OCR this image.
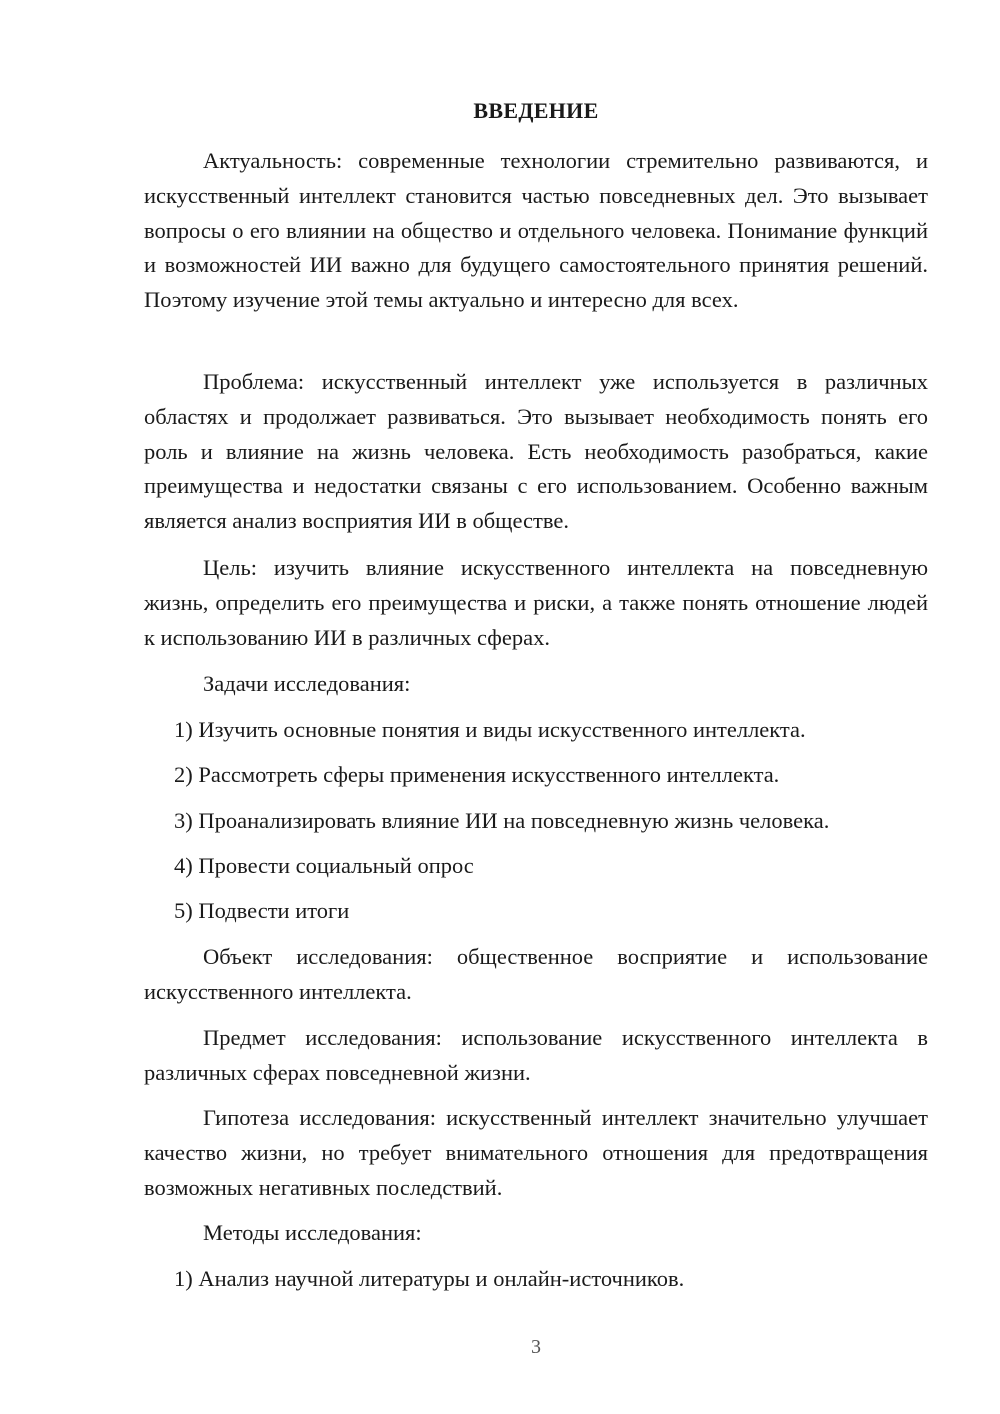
ВВЕДЕНИЕ

Актуальность: современные технологии стремительно развиваются, и искусственный интеллект становится частью повседневных дел. Это вызывает вопросы о его влиянии на общество и отдельного человека. Понимание функций и возможностей ИИ важно для будущего самостоятельного принятия решений. Поэтому изучение этой темы актуально и интересно для всех.

Проблема: искусственный интеллект уже используется в различных областях и продолжает развиваться. Это вызывает необходимость понять его роль и влияние на жизнь человека. Есть необходимость разобраться, какие преимущества и недостатки связаны с его использованием. Особенно важным является анализ восприятия ИИ в обществе.

Цель: изучить влияние искусственного интеллекта на повседневную жизнь, определить его преимущества и риски, а также понять отношение людей к использованию ИИ в различных сферах.

Задачи исследования:

1) Изучить основные понятия и виды искусственного интеллекта.

2) Рассмотреть сферы применения искусственного интеллекта.

3) Проанализировать влияние ИИ на повседневную жизнь человека.

4) Провести социальный опрос

5) Подвести итоги

Объект исследования: общественное восприятие и использование искусственного интеллекта.

Предмет исследования: использование искусственного интеллекта в различных сферах повседневной жизни.

Гипотеза исследования: искусственный интеллект значительно улучшает качество жизни, но требует внимательного отношения для предотвращения возможных негативных последствий.

Методы исследования:

1) Анализ научной литературы и онлайн-источников.

3
